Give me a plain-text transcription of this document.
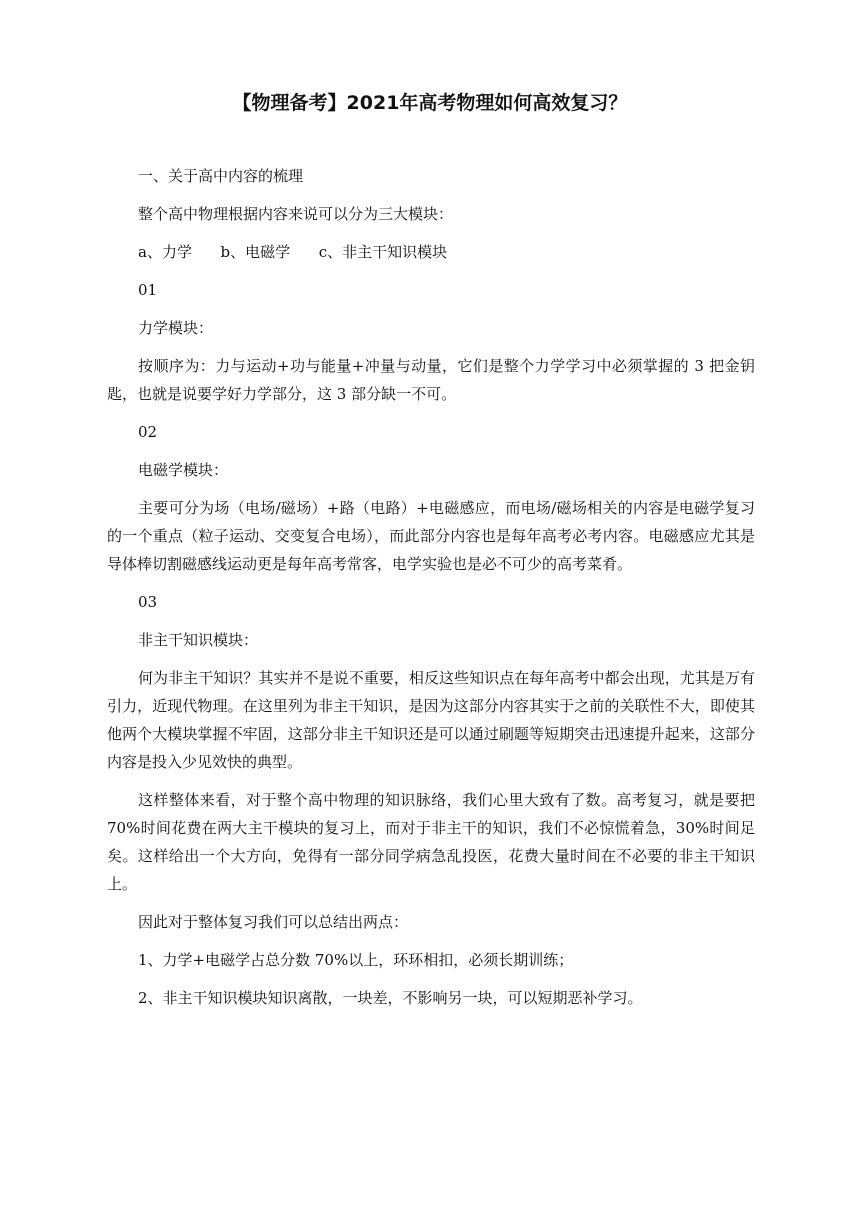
【物理备考】2021年高考物理如何高效复习？

一、关于高中内容的梳理

整个高中物理根据内容来说可以分为三大模块：

a、力学      b、电磁学      c、非主干知识模块

01

力学模块：

按顺序为：力与运动+功与能量+冲量与动量，它们是整个力学学习中必须掌握的 3 把金钥匙，也就是说要学好力学部分，这 3 部分缺一不可。

02

电磁学模块：

主要可分为场（电场/磁场）+路（电路）+电磁感应，而电场/磁场相关的内容是电磁学复习的一个重点（粒子运动、交变复合电场），而此部分内容也是每年高考必考内容。电磁感应尤其是导体棒切割磁感线运动更是每年高考常客，电学实验也是必不可少的高考菜肴。

03

非主干知识模块：

何为非主干知识？其实并不是说不重要，相反这些知识点在每年高考中都会出现，尤其是万有引力，近现代物理。在这里列为非主干知识，是因为这部分内容其实于之前的关联性不大，即使其他两个大模块掌握不牢固，这部分非主干知识还是可以通过刷题等短期突击迅速提升起来，这部分内容是投入少见效快的典型。

这样整体来看，对于整个高中物理的知识脉络，我们心里大致有了数。高考复习，就是要把 70%时间花费在两大主干模块的复习上，而对于非主干的知识，我们不必惊慌着急，30%时间足矣。这样给出一个大方向，免得有一部分同学病急乱投医，花费大量时间在不必要的非主干知识上。

因此对于整体复习我们可以总结出两点：

1、力学+电磁学占总分数 70%以上，环环相扣，必须长期训练；

2、非主干知识模块知识离散，一块差，不影响另一块，可以短期恶补学习。
